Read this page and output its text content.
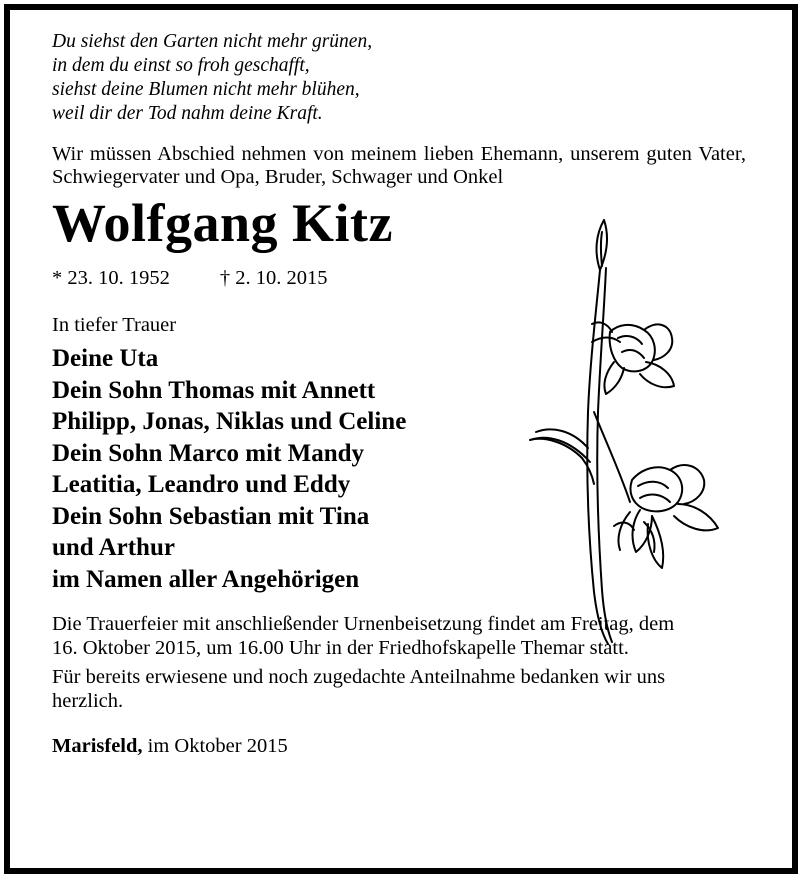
Du siehst den Garten nicht mehr grünen,
in dem du einst so froh geschafft,
siehst deine Blumen nicht mehr blühen,
weil dir der Tod nahm deine Kraft.
Wir müssen Abschied nehmen von meinem lieben Ehemann, unserem guten Vater, Schwiegervater und Opa, Bruder, Schwager und Onkel
Wolfgang Kitz
* 23. 10. 1952 † 2. 10. 2015
In tiefer Trauer
Deine Uta
Dein Sohn Thomas mit Annett
Philipp, Jonas, Niklas und Celine
Dein Sohn Marco mit Mandy
Leatitia, Leandro und Eddy
Dein Sohn Sebastian mit Tina
und Arthur
im Namen aller Angehörigen
Die Trauerfeier mit anschließender Urnenbeisetzung findet am Freitag, dem 16. Oktober 2015, um 16.00 Uhr in der Friedhofskapelle Themar statt.
Für bereits erwiesene und noch zugedachte Anteilnahme bedanken wir uns herzlich.
Marisfeld, im Oktober 2015
